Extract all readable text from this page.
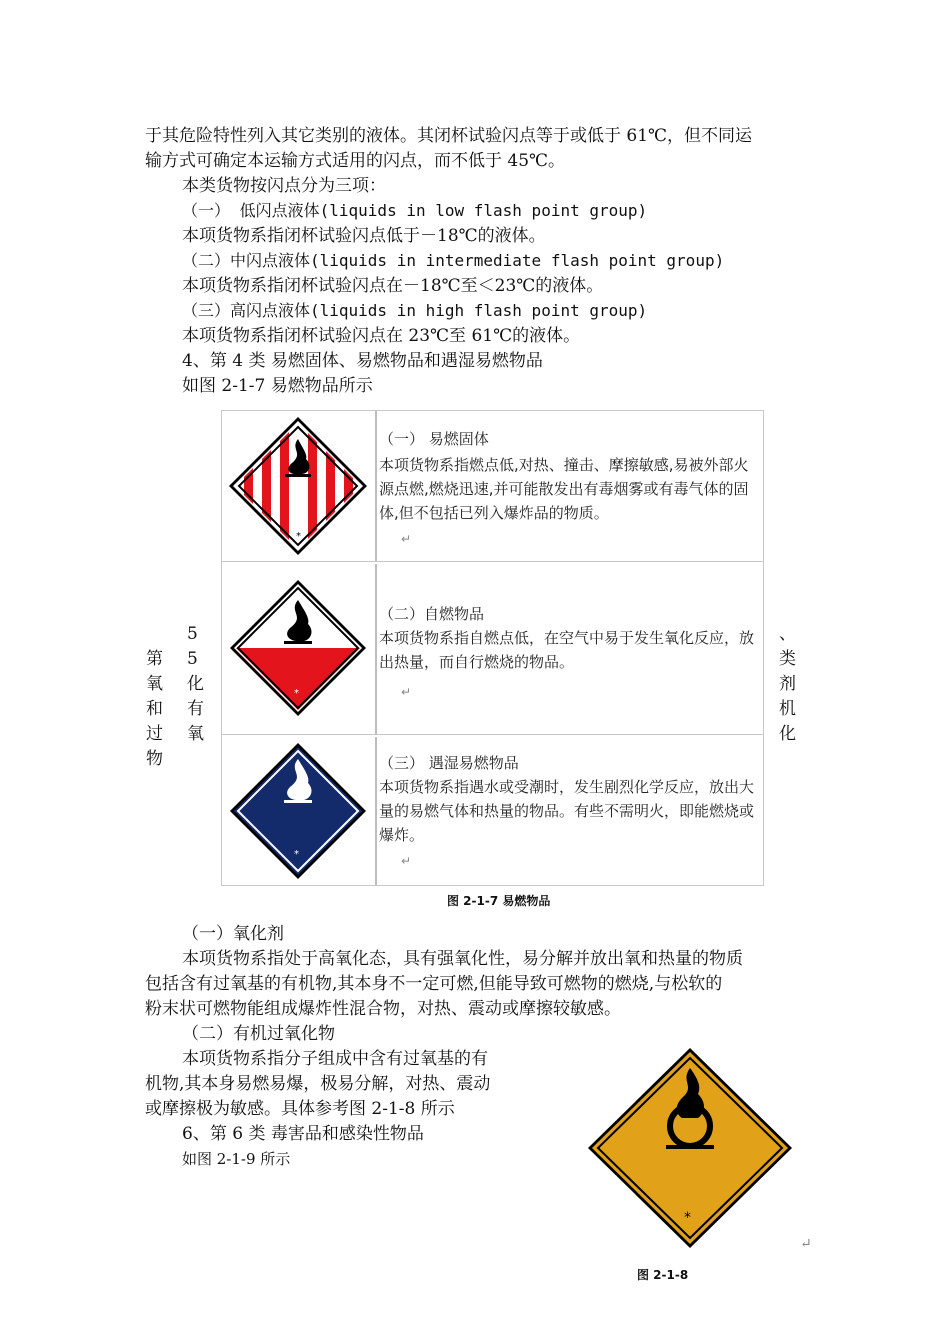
于其危险特性列入其它类别的液体。其闭杯试验闪点等于或低于 61℃，但不同运
输方式可确定本运输方式适用的闪点，而不低于 45℃。
本类货物按闪点分为三项：
（一） 低闪点液体(liquids in low flash point group)
本项货物系指闭杯试验闪点低于－18℃的液体。
（二）中闪点液体(liquids in intermediate flash point group)
本项货物系指闭杯试验闪点在－18℃至＜23℃的液体。
（三）高闪点液体(liquids in high flash point group)
本项货物系指闭杯试验闪点在 23℃至 61℃的液体。
4、第 4 类 易燃固体、易燃物品和遇湿易燃物品
如图 2-1-7 易燃物品所示
第
氧
和
过
物
5
5
化
有
氧
、
类
剂
机
化
*
（一） 易燃固体
本项货物系指燃点低,对热、撞击、摩擦敏感,易被外部火源点燃,燃烧迅速,并可能散发出有毒烟雾或有毒气体的固体,但不包括已列入爆炸品的物质。
↵
*
（二）自燃物品
本项货物系指自燃点低，在空气中易于发生氧化反应，放出热量，而自行燃烧的物品。
↵
*
（三） 遇湿易燃物品
本项货物系指遇水或受潮时，发生剧烈化学反应，放出大量的易燃气体和热量的物品。有些不需明火，即能燃烧或爆炸。
↵
图 2-1-7 易燃物品
（一）氧化剂
本项货物系指处于高氧化态，具有强氧化性，易分解并放出氧和热量的物质
包括含有过氧基的有机物,其本身不一定可燃,但能导致可燃物的燃烧,与松软的
粉末状可燃物能组成爆炸性混合物，对热、震动或摩擦较敏感。
（二）有机过氧化物
本项货物系指分子组成中含有过氧基的有
机物,其本身易燃易爆，极易分解，对热、震动
或摩擦极为敏感。具体参考图 2-1-8 所示
6、第 6 类 毒害品和感染性物品
如图 2-1-9 所示
*
↵
图 2-1-8
